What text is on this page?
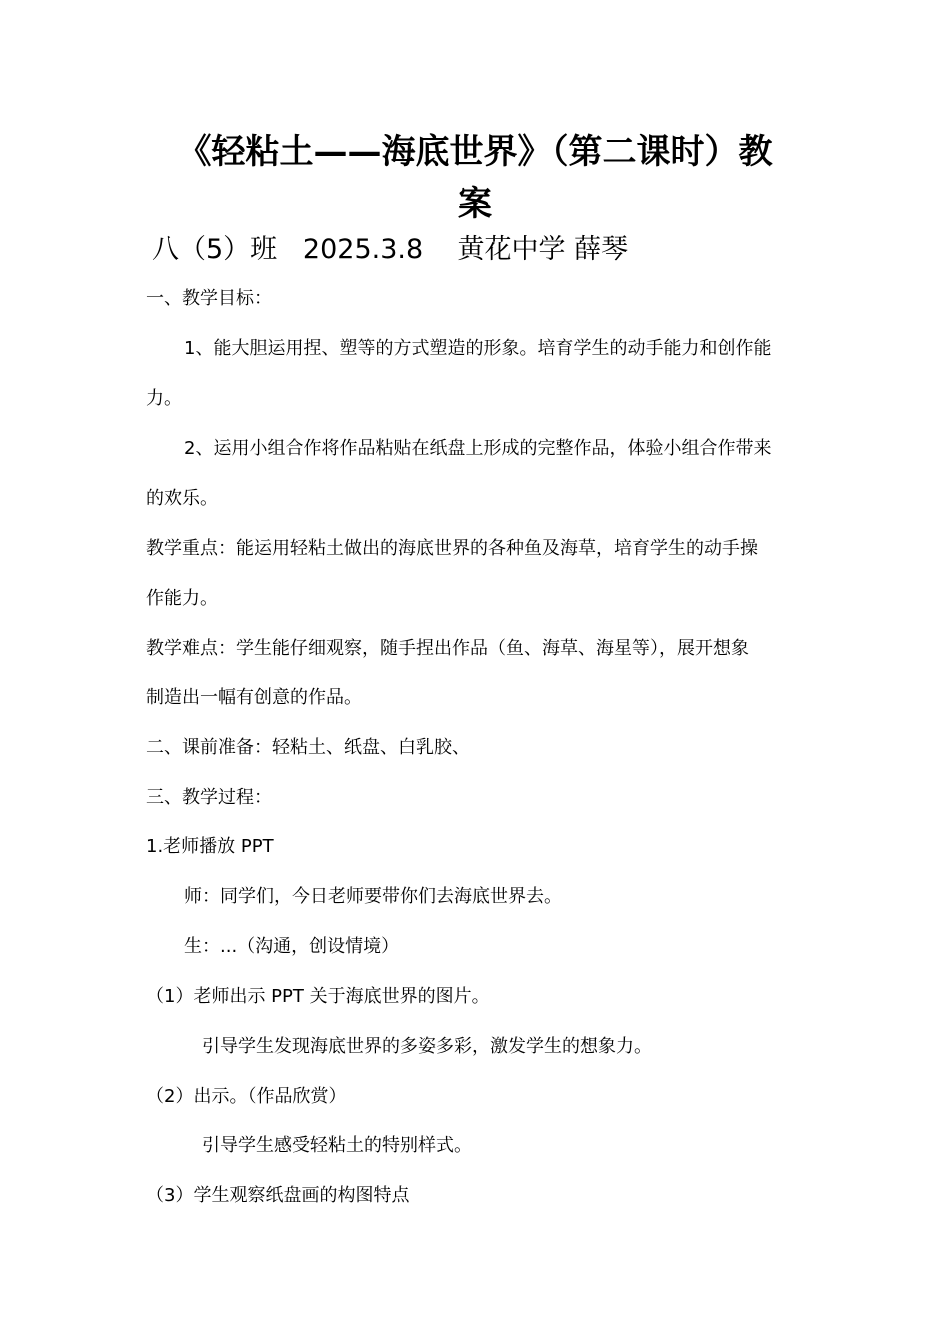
《轻粘土——海底世界》（第二课时）教
案
八（5）班   2025.3.8    黄花中学 薛琴
一、教学目标：
1、能大胆运用捏、塑等的方式塑造的形象。培育学生的动手能力和创作能
力。
2、运用小组合作将作品粘贴在纸盘上形成的完整作品，体验小组合作带来
的欢乐。
教学重点：能运用轻粘土做出的海底世界的各种鱼及海草，培育学生的动手操
作能力。
教学难点：学生能仔细观察，随手捏出作品（鱼、海草、海星等），展开想象
制造出一幅有创意的作品。
二、课前准备：轻粘土、纸盘、白乳胶、
三、教学过程：
1.老师播放 PPT
师：同学们，今日老师要带你们去海底世界去。
生：...（沟通，创设情境）
（1）老师出示 PPT 关于海底世界的图片。
引导学生发现海底世界的多姿多彩，激发学生的想象力。
（2）出示。（作品欣赏）
引导学生感受轻粘土的特别样式。
（3）学生观察纸盘画的构图特点
